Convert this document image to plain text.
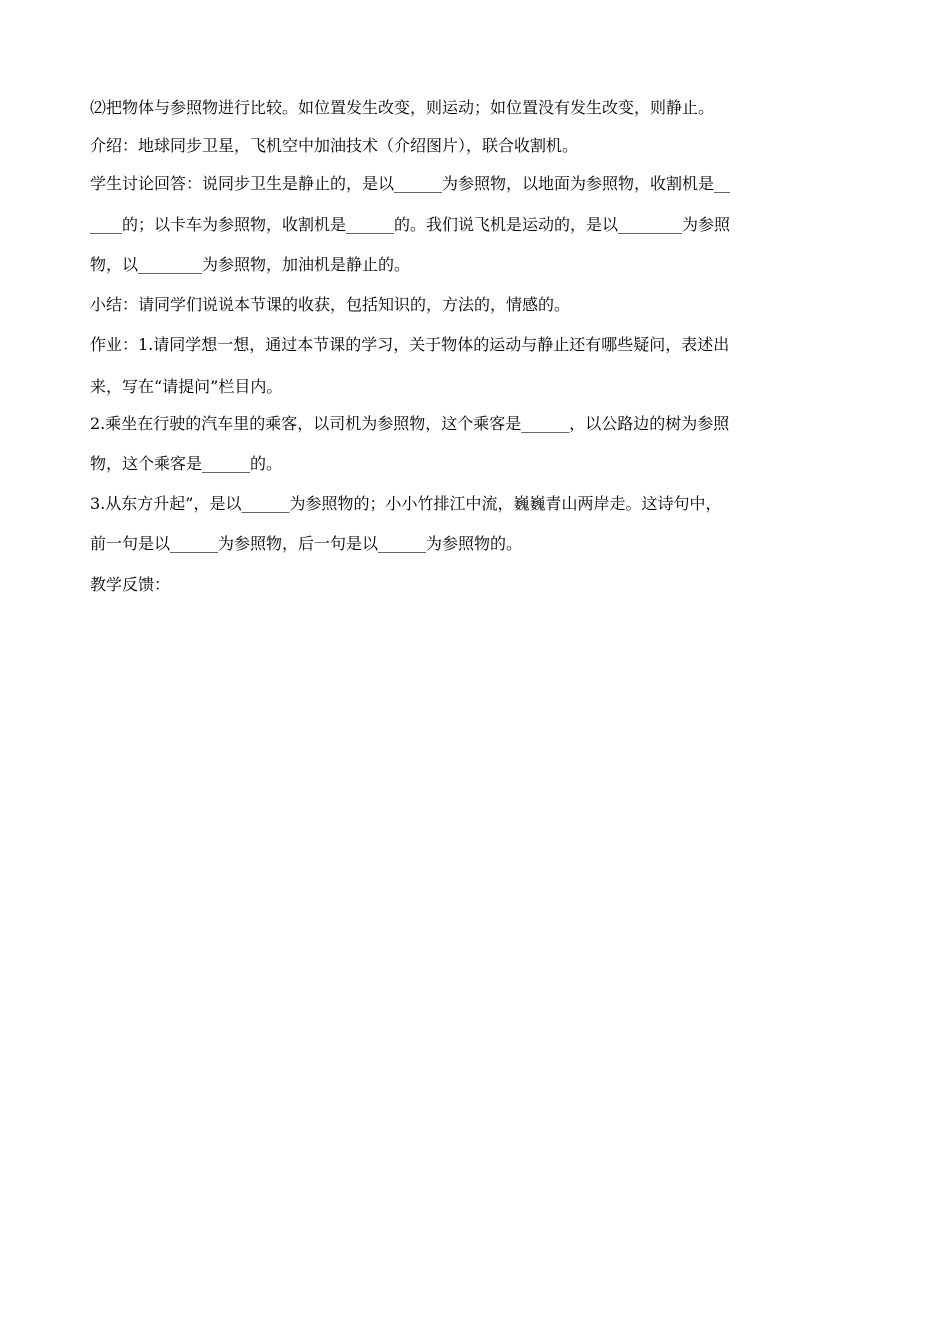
⑵把物体与参照物进行比较。如位置发生改变，则运动；如位置没有发生改变，则静止。

介绍：地球同步卫星，飞机空中加油技术（介绍图片），联合收割机。

学生讨论回答：说同步卫生是静止的，是以______为参照物，以地面为参照物，收割机是__

____的；以卡车为参照物，收割机是______的。我们说飞机是运动的，是以________为参照

物，以________为参照物，加油机是静止的。

小结：请同学们说说本节课的收获，包括知识的，方法的，情感的。

作业：1.请同学想一想，通过本节课的学习，关于物体的运动与静止还有哪些疑问，表述出

来，写在“请提问”栏目内。

2.乘坐在行驶的汽车里的乘客，以司机为参照物，这个乘客是______，以公路边的树为参照

物，这个乘客是______的。

3.从东方升起”，是以______为参照物的；小小竹排江中流，巍巍青山两岸走。这诗句中，

前一句是以______为参照物，后一句是以______为参照物的。

教学反馈：
